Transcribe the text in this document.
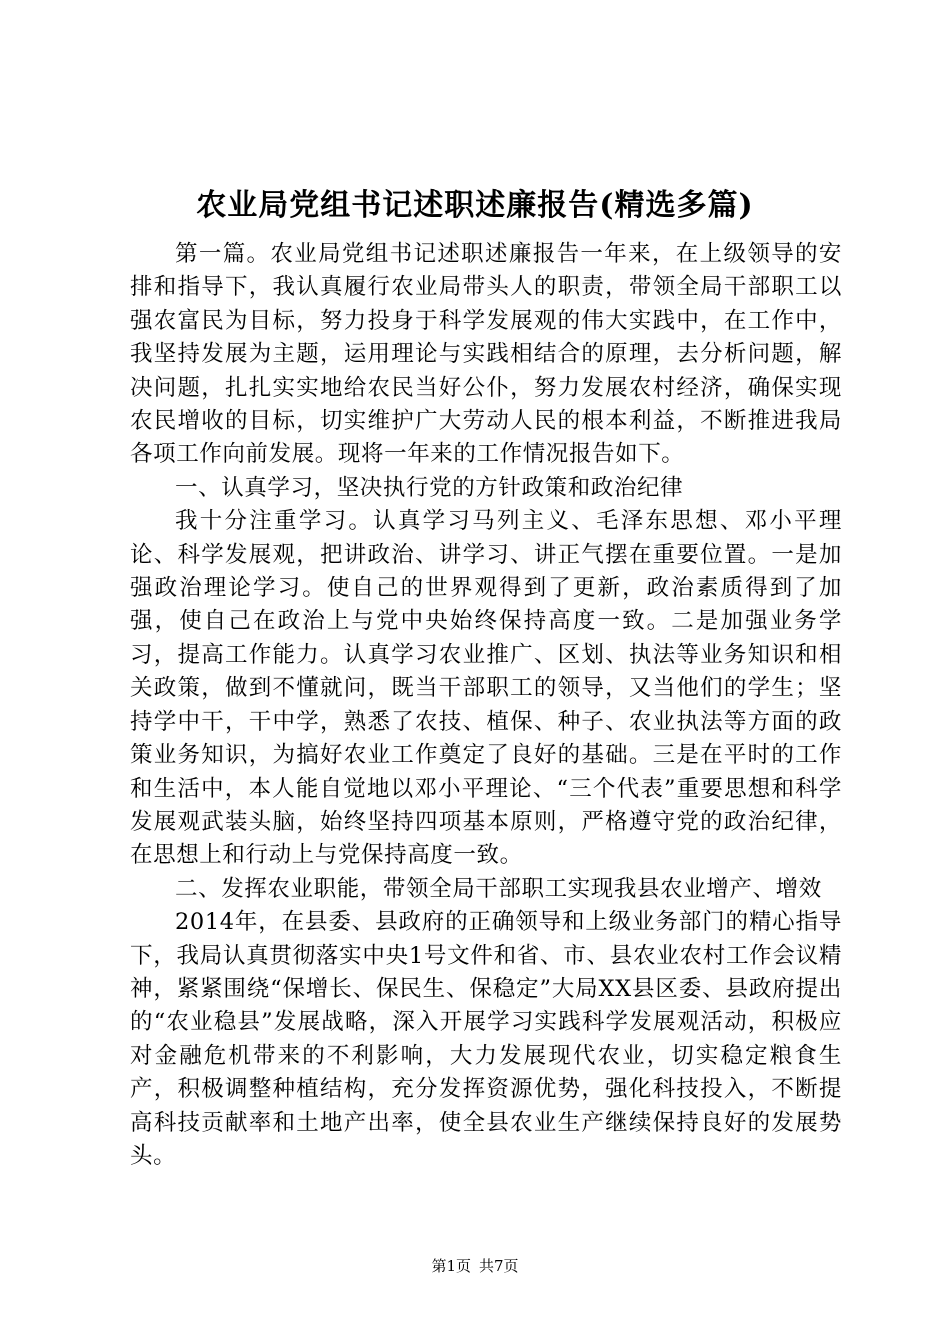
农业局党组书记述职述廉报告(精选多篇)

第一篇。农业局党组书记述职述廉报告一年来，在上级领导的安排和指导下，我认真履行农业局带头人的职责，带领全局干部职工以强农富民为目标，努力投身于科学发展观的伟大实践中，在工作中，我坚持发展为主题，运用理论与实践相结合的原理，去分析问题，解决问题，扎扎实实地给农民当好公仆，努力发展农村经济，确保实现农民增收的目标，切实维护广大劳动人民的根本利益，不断推进我局各项工作向前发展。现将一年来的工作情况报告如下。

一、认真学习，坚决执行党的方针政策和政治纪律

我十分注重学习。认真学习马列主义、毛泽东思想、邓小平理论、科学发展观，把讲政治、讲学习、讲正气摆在重要位置。一是加强政治理论学习。使自己的世界观得到了更新，政治素质得到了加强，使自己在政治上与党中央始终保持高度一致。二是加强业务学习，提高工作能力。认真学习农业推广、区划、执法等业务知识和相关政策，做到不懂就问，既当干部职工的领导，又当他们的学生；坚持学中干，干中学，熟悉了农技、植保、种子、农业执法等方面的政策业务知识，为搞好农业工作奠定了良好的基础。三是在平时的工作和生活中，本人能自觉地以邓小平理论、“三个代表”重要思想和科学发展观武装头脑，始终坚持四项基本原则，严格遵守党的政治纪律，在思想上和行动上与党保持高度一致。

二、发挥农业职能，带领全局干部职工实现我县农业增产、增效

2014年，在县委、县政府的正确领导和上级业务部门的精心指导下，我局认真贯彻落实中央1号文件和省、市、县农业农村工作会议精神，紧紧围绕“保增长、保民生、保稳定”大局XX县区委、县政府提出的“农业稳县”发展战略，深入开展学习实践科学发展观活动，积极应对金融危机带来的不利影响，大力发展现代农业，切实稳定粮食生产，积极调整种植结构，充分发挥资源优势，强化科技投入，不断提高科技贡献率和土地产出率，使全县农业生产继续保持良好的发展势头。

第1页 共7页
